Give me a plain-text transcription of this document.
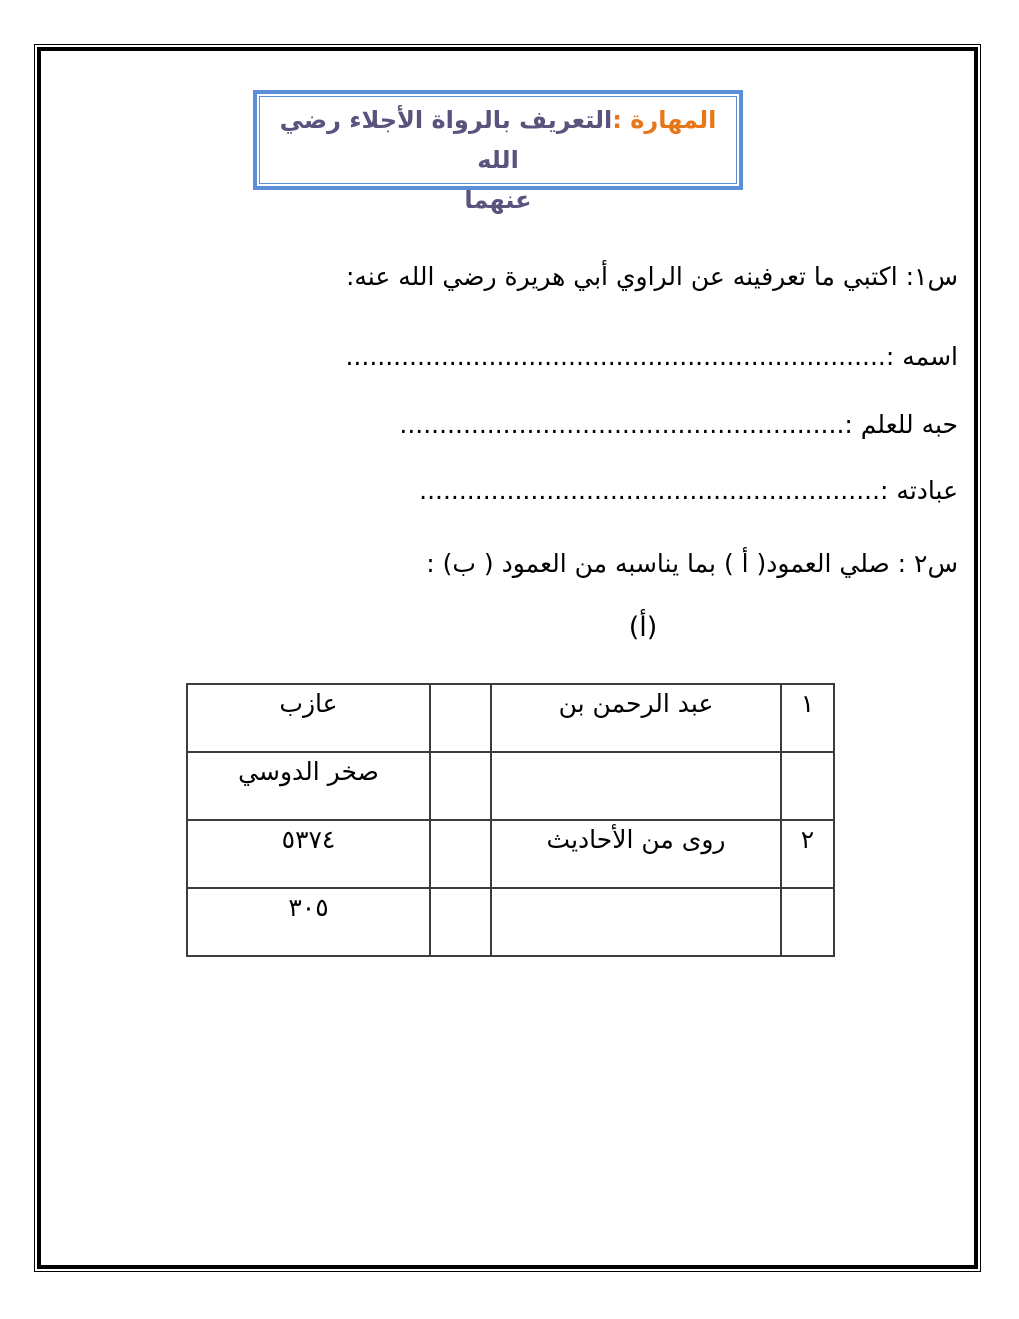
المهارة :التعريف بالرواة الأجلاء رضي الله
عنهما
س١: اكتبي ما تعرفينه عن الراوي أبي هريرة رضي الله عنه:
اسمه :....................................................................
حبه للعلم :........................................................
عبادته :..........................................................
س٢ : صلي العمود( أ ) بما يناسبه من العمود ( ب) :
(أ)
١	عبد الرحمن بن		عازب
			صخر الدوسي
٢	روى من الأحاديث		٥٣٧٤
			٣٠٥
